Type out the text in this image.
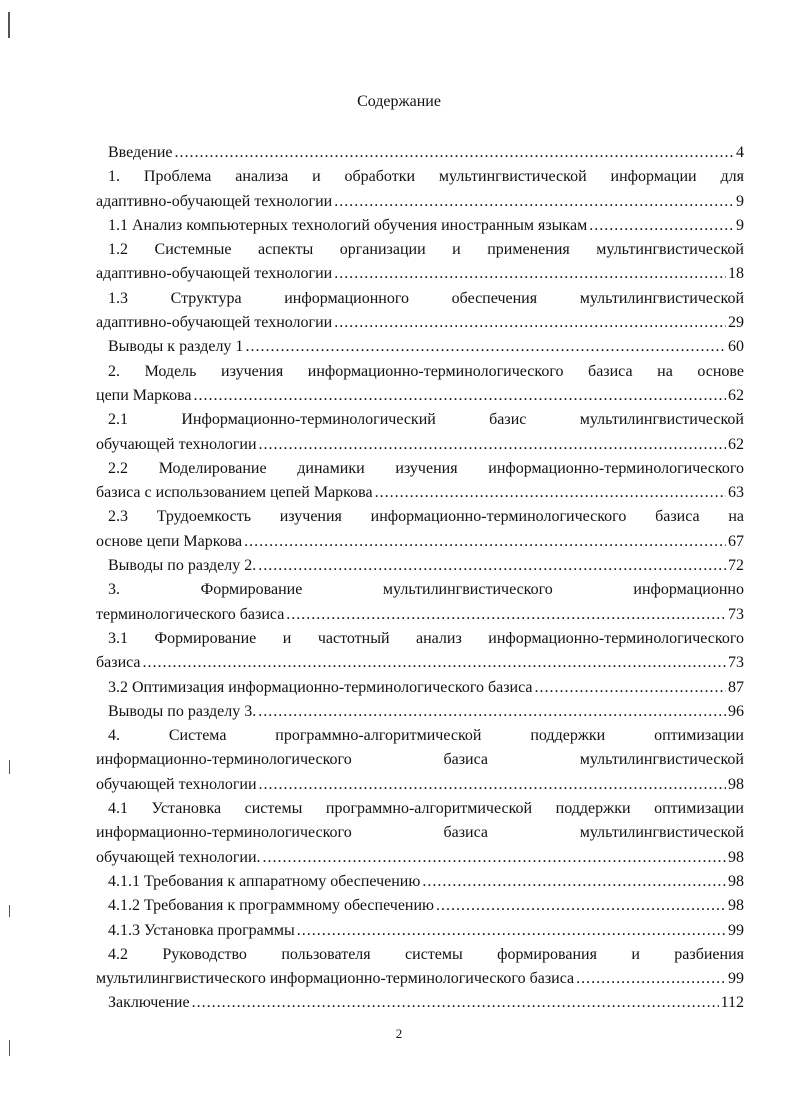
Содержание
Введение .....	4
1. Проблема анализа и обработки мультингвистической информации для
адаптивно-обучающей технологии .....	9
1.1 Анализ компьютерных технологий обучения иностранным языкам .....	9
1.2 Системные аспекты организации и применения мультингвистической
адаптивно-обучающей технологии .....	18
1.3 Структура информационного обеспечения мультилингвистической
адаптивно-обучающей технологии .....	29
Выводы к разделу 1 .....	60
2. Модель изучения информационно-терминологического базиса на основе
цепи Маркова .....	62
2.1 Информационно-терминологический базис мультилингвистической
обучающей технологии .....	62
2.2 Моделирование динамики изучения информационно-терминологического
базиса с использованием цепей Маркова .....	63
2.3 Трудоемкость изучения информационно-терминологического базиса на
основе цепи Маркова .....	67
Выводы по разделу 2. .....	72
3. Формирование мультилингвистического информационно
терминологического базиса .....	73
3.1 Формирование и частотный анализ информационно-терминологического
базиса .....	73
3.2 Оптимизация информационно-терминологического базиса .....	87
Выводы по разделу 3. .....	96
4. Система программно-алгоритмической поддержки оптимизации
информационно-терминологического базиса мультилингвистической
обучающей технологии .....	98
4.1 Установка системы программно-алгоритмической поддержки оптимизации
информационно-терминологического базиса мультилингвистической
обучающей технологии. .....	98
4.1.1 Требования к аппаратному обеспечению .....	98
4.1.2 Требования к программному обеспечению .....	98
4.1.3 Установка программы .....	99
4.2 Руководство пользователя системы формирования и разбиения
мультилингвистического информационно-терминологического базиса .....	99
Заключение .....	112
2
